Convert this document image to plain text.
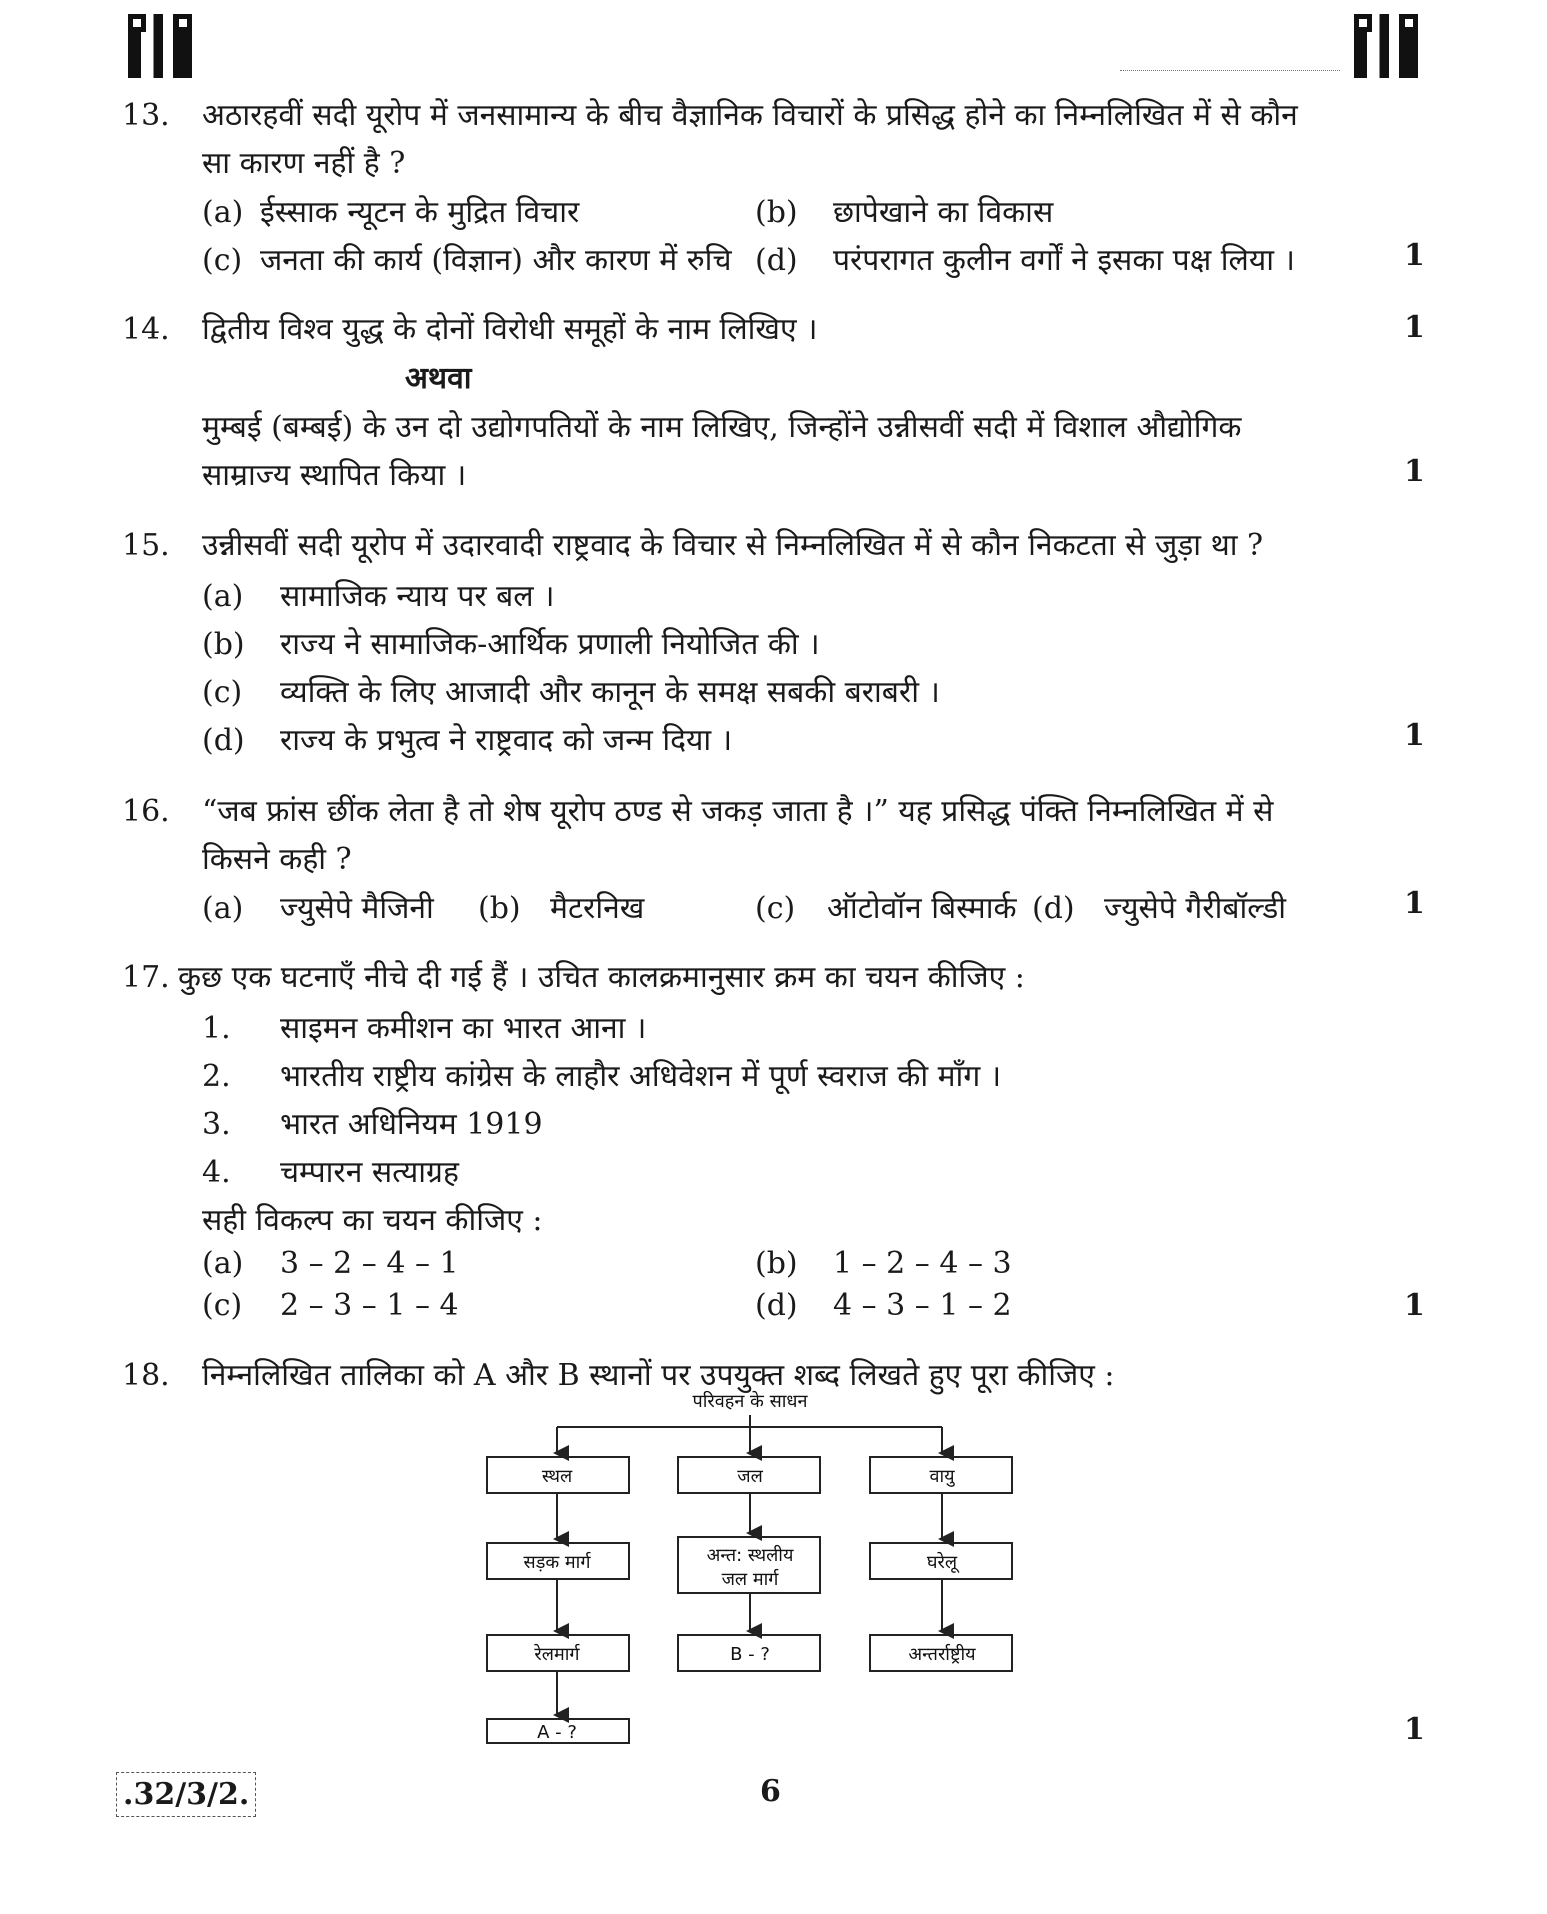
13. अठारहवीं सदी यूरोप में जनसामान्य के बीच वैज्ञानिक विचारों के प्रसिद्ध होने का निम्नलिखित में से कौन
सा कारण नहीं है ?
(a) ईस्साक न्यूटन के मुद्रित विचार	(b) छापेखाने का विकास
(c) जनता की कार्य (विज्ञान) और कारण में रुचि (d) परंपरागत कुलीन वर्गों ने इसका पक्ष लिया ।	1
14. द्वितीय विश्व युद्ध के दोनों विरोधी समूहों के नाम लिखिए ।	1
अथवा
मुम्बई (बम्बई) के उन दो उद्योगपतियों के नाम लिखिए, जिन्होंने उन्नीसवीं सदी में विशाल औद्योगिक
साम्राज्य स्थापित किया ।	1
15. उन्नीसवीं सदी यूरोप में उदारवादी राष्ट्रवाद के विचार से निम्नलिखित में से कौन निकटता से जुड़ा था ?
(a) सामाजिक न्याय पर बल ।
(b) राज्य ने सामाजिक-आर्थिक प्रणाली नियोजित की ।
(c) व्यक्ति के लिए आजादी और कानून के समक्ष सबकी बराबरी ।
(d) राज्य के प्रभुत्व ने राष्ट्रवाद को जन्म दिया ।	1
16. “जब फ्रांस छींक लेता है तो शेष यूरोप ठण्ड से जकड़ जाता है ।” यह प्रसिद्ध पंक्ति निम्नलिखित में से
किसने कही ?
(a) ज्युसेपे मैजिनी (b) मैटरनिख	(c) ऑटोवॉन बिस्मार्क (d) ज्युसेपे गैरीबॉल्डी	1
17. कुछ एक घटनाएँ नीचे दी गई हैं । उचित कालक्रमानुसार क्रम का चयन कीजिए :
1. साइमन कमीशन का भारत आना ।
2. भारतीय राष्ट्रीय कांग्रेस के लाहौर अधिवेशन में पूर्ण स्वराज की माँग ।
3. भारत अधिनियम 1919
4. चम्पारन सत्याग्रह
सही विकल्प का चयन कीजिए :
(a) 3 – 2 – 4 – 1	(b) 1 – 2 – 4 – 3
(c) 2 – 3 – 1 – 4	(d) 4 – 3 – 1 – 2	1
18. निम्नलिखित तालिका को A और B स्थानों पर उपयुक्त शब्द लिखते हुए पूरा कीजिए :
परिवहन के साधन
स्थल
सड़क मार्ग
रेलमार्ग
A - ?
जल
अन्त: स्थलीय
जल मार्ग
B - ?
वायु
घरेलू
अन्तर्राष्ट्रीय
1
.32/3/2.	6
